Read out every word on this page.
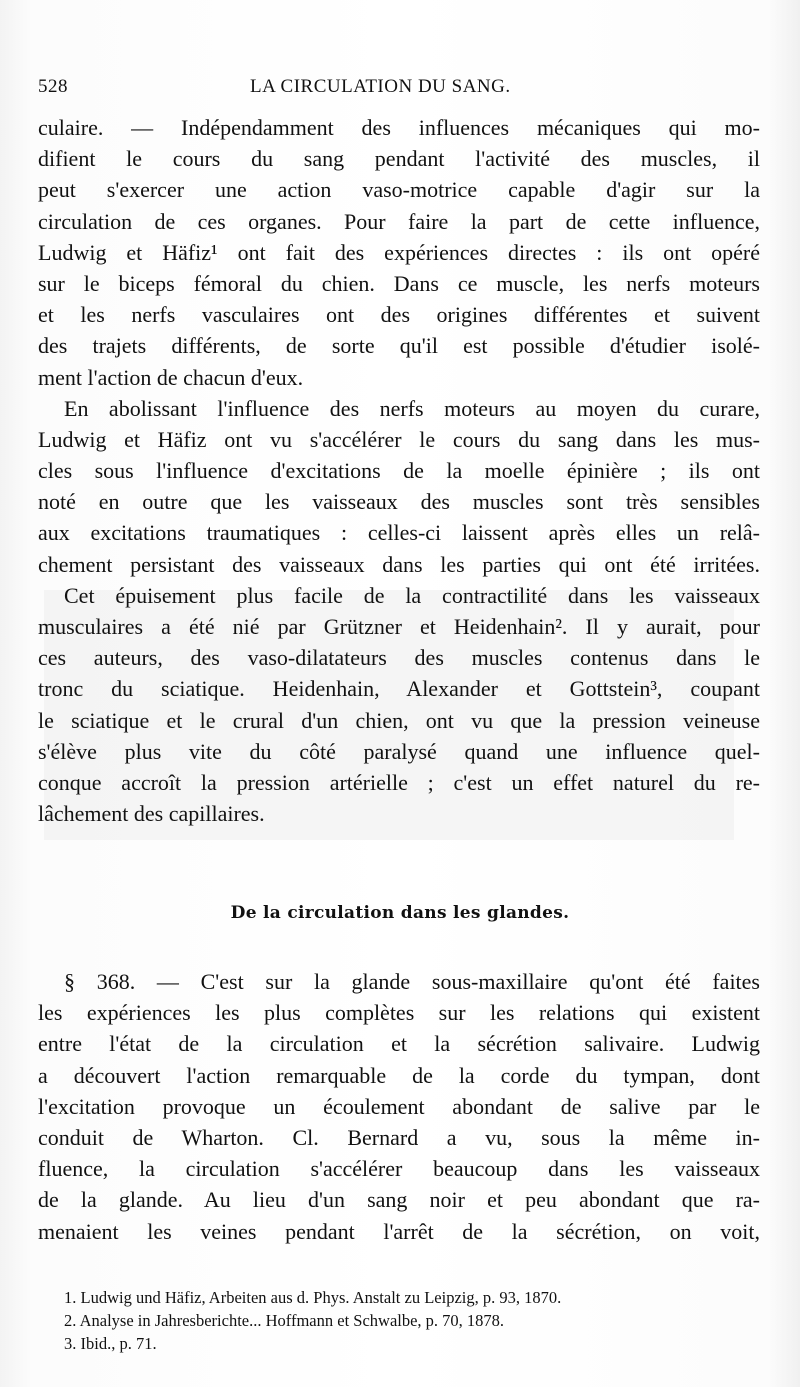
528	LA CIRCULATION DU SANG.
culaire. — Indépendamment des influences mécaniques qui mo-
difient le cours du sang pendant l'activité des muscles, il
peut s'exercer une action vaso-motrice capable d'agir sur la
circulation de ces organes. Pour faire la part de cette influence,
Ludwig et Häfiz¹ ont fait des expériences directes : ils ont opéré
sur le biceps fémoral du chien. Dans ce muscle, les nerfs moteurs
et les nerfs vasculaires ont des origines différentes et suivent
des trajets différents, de sorte qu'il est possible d'étudier isolé-
ment l'action de chacun d'eux.
En abolissant l'influence des nerfs moteurs au moyen du curare,
Ludwig et Häfiz ont vu s'accélérer le cours du sang dans les mus-
cles sous l'influence d'excitations de la moelle épinière ; ils ont
noté en outre que les vaisseaux des muscles sont très sensibles
aux excitations traumatiques : celles-ci laissent après elles un relâ-
chement persistant des vaisseaux dans les parties qui ont été irritées.
Cet épuisement plus facile de la contractilité dans les vaisseaux
musculaires a été nié par Grützner et Heidenhain². Il y aurait, pour
ces auteurs, des vaso-dilatateurs des muscles contenus dans le
tronc du sciatique. Heidenhain, Alexander et Gottstein³, coupant
le sciatique et le crural d'un chien, ont vu que la pression veineuse
s'élève plus vite du côté paralysé quand une influence quel-
conque accroît la pression artérielle ; c'est un effet naturel du re-
lâchement des capillaires.
De la circulation dans les glandes.
§ 368. — C'est sur la glande sous-maxillaire qu'ont été faites
les expériences les plus complètes sur les relations qui existent
entre l'état de la circulation et la sécrétion salivaire. Ludwig
a découvert l'action remarquable de la corde du tympan, dont
l'excitation provoque un écoulement abondant de salive par le
conduit de Wharton. Cl. Bernard a vu, sous la même in-
fluence, la circulation s'accélérer beaucoup dans les vaisseaux
de la glande. Au lieu d'un sang noir et peu abondant que ra-
menaient les veines pendant l'arrêt de la sécrétion, on voit,
1. Ludwig und Häfiz, Arbeiten aus d. Phys. Anstalt zu Leipzig, p. 93, 1870.
2. Analyse in Jahresberichte... Hoffmann et Schwalbe, p. 70, 1878.
3. Ibid., p. 71.
